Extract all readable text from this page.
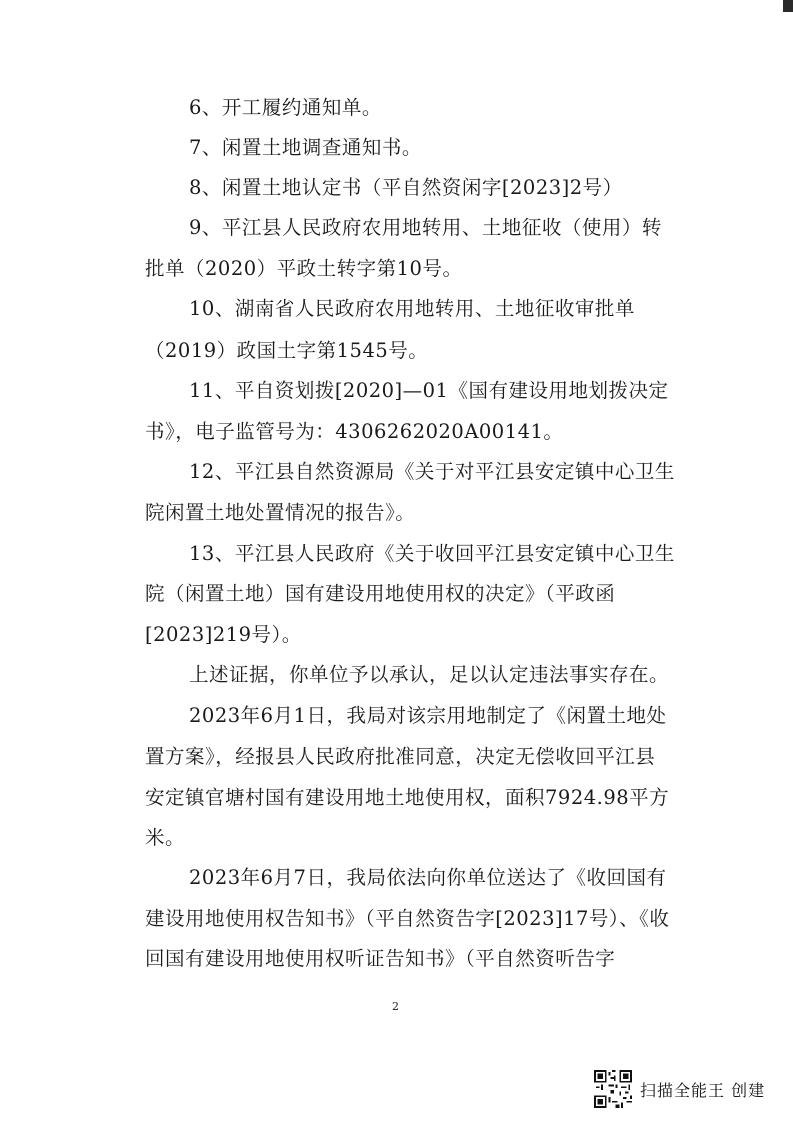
6、开工履约通知单。
7、闲置土地调查通知书。
8、闲置土地认定书（平自然资闲字[2023]2号）
9、平江县人民政府农用地转用、土地征收（使用）转
批单（2020）平政土转字第10号。
10、湖南省人民政府农用地转用、土地征收审批单
（2019）政国土字第1545号。
11、平自资划拨[2020]—01《国有建设用地划拨决定
书》，电子监管号为：4306262020A00141。
12、平江县自然资源局《关于对平江县安定镇中心卫生
院闲置土地处置情况的报告》。
13、平江县人民政府《关于收回平江县安定镇中心卫生
院（闲置土地）国有建设用地使用权的决定》（平政函
[2023]219号）。
上述证据，你单位予以承认，足以认定违法事实存在。
2023年6月1日，我局对该宗用地制定了《闲置土地处
置方案》，经报县人民政府批准同意，决定无偿收回平江县
安定镇官塘村国有建设用地土地使用权，面积7924.98平方
米。
2023年6月7日，我局依法向你单位送达了《收回国有
建设用地使用权告知书》（平自然资告字[2023]17号）、《收
回国有建设用地使用权听证告知书》（平自然资听告字
2
扫描全能王 创建
